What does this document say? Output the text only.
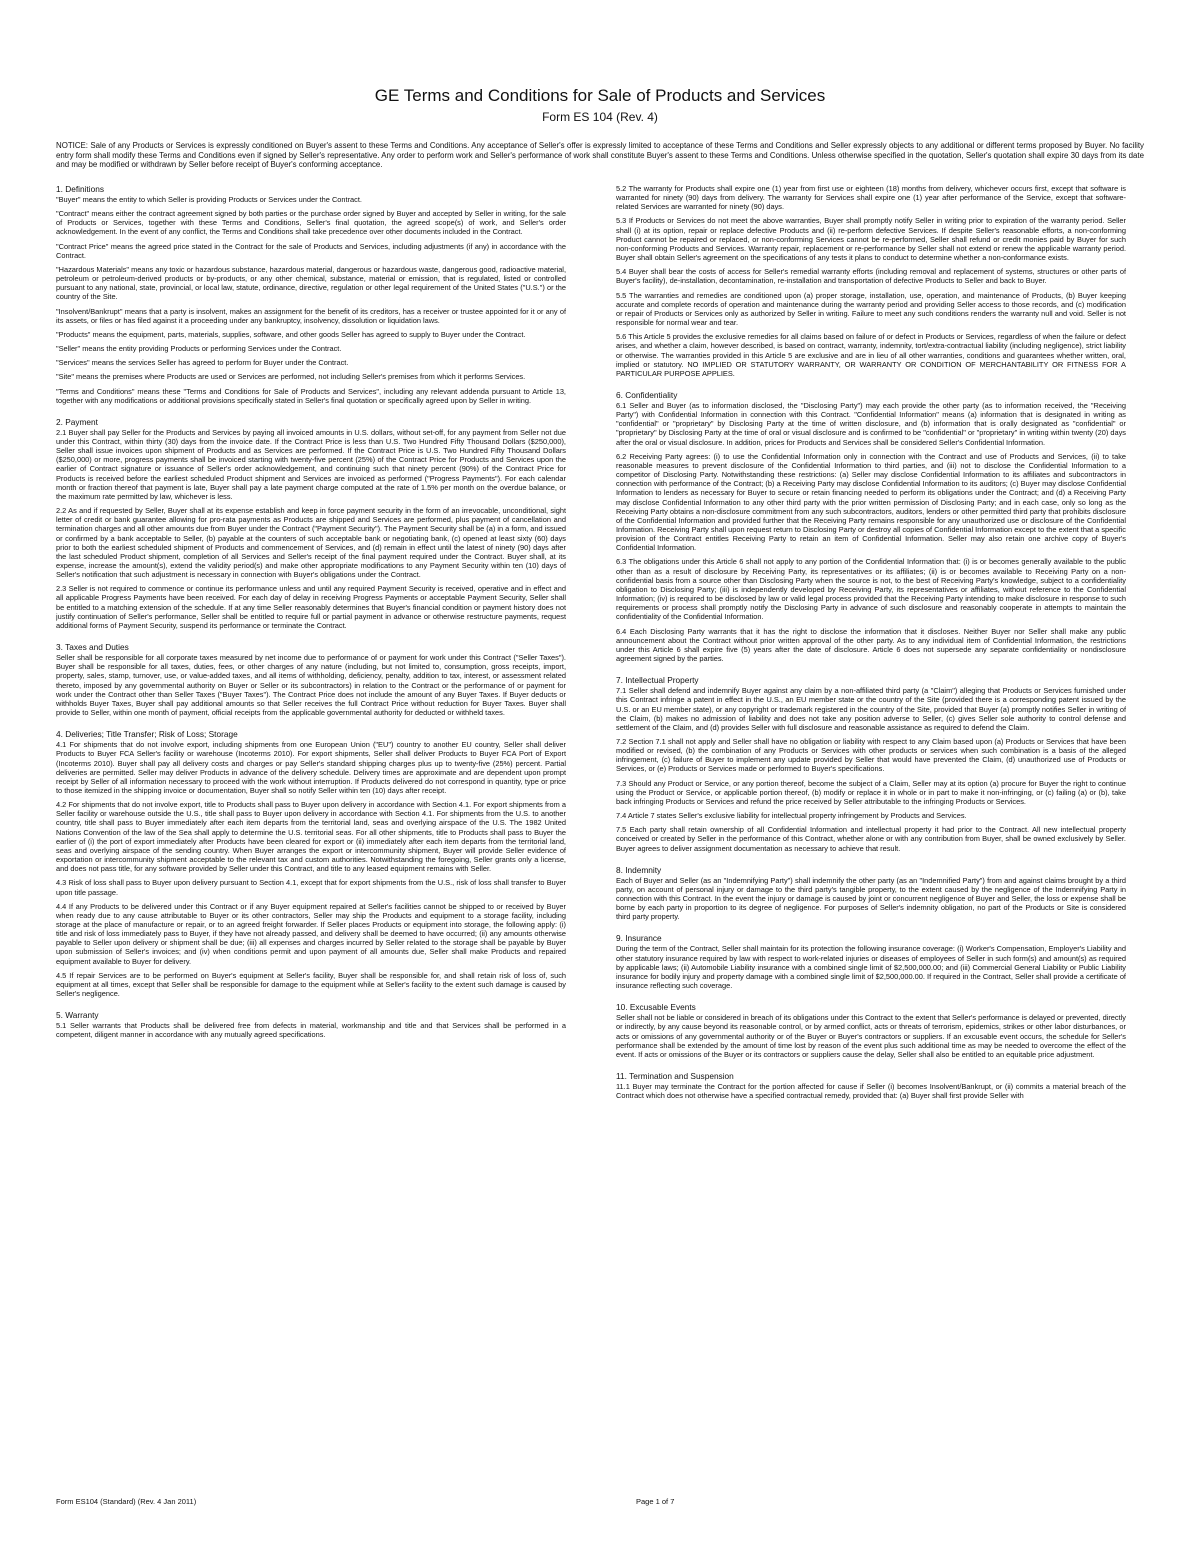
GE Terms and Conditions for Sale of Products and Services
Form ES 104 (Rev. 4)
NOTICE: Sale of any Products or Services is expressly conditioned on Buyer's assent to these Terms and Conditions. Any acceptance of Seller's offer is expressly limited to acceptance of these Terms and Conditions and Seller expressly objects to any additional or different terms proposed by Buyer. No facility entry form shall modify these Terms and Conditions even if signed by Seller's representative. Any order to perform work and Seller's performance of work shall constitute Buyer's assent to these Terms and Conditions. Unless otherwise specified in the quotation, Seller's quotation shall expire 30 days from its date and may be modified or withdrawn by Seller before receipt of Buyer's conforming acceptance.
1. Definitions
"Buyer" means the entity to which Seller is providing Products or Services under the Contract.
"Contract" means either the contract agreement signed by both parties or the purchase order signed by Buyer and accepted by Seller in writing, for the sale of Products or Services, together with these Terms and Conditions, Seller's final quotation, the agreed scope(s) of work, and Seller's order acknowledgement. In the event of any conflict, the Terms and Conditions shall take precedence over other documents included in the Contract.
"Contract Price" means the agreed price stated in the Contract for the sale of Products and Services, including adjustments (if any) in accordance with the Contract.
"Hazardous Materials" means any toxic or hazardous substance, hazardous material, dangerous or hazardous waste, dangerous good, radioactive material, petroleum or petroleum-derived products or by-products, or any other chemical, substance, material or emission, that is regulated, listed or controlled pursuant to any national, state, provincial, or local law, statute, ordinance, directive, regulation or other legal requirement of the United States ("U.S.") or the country of the Site.
"Insolvent/Bankrupt" means that a party is insolvent, makes an assignment for the benefit of its creditors, has a receiver or trustee appointed for it or any of its assets, or files or has filed against it a proceeding under any bankruptcy, insolvency, dissolution or liquidation laws.
"Products" means the equipment, parts, materials, supplies, software, and other goods Seller has agreed to supply to Buyer under the Contract.
"Seller" means the entity providing Products or performing Services under the Contract.
"Services" means the services Seller has agreed to perform for Buyer under the Contract.
"Site" means the premises where Products are used or Services are performed, not including Seller's premises from which it performs Services.
"Terms and Conditions" means these "Terms and Conditions for Sale of Products and Services", including any relevant addenda pursuant to Article 13, together with any modifications or additional provisions specifically stated in Seller's final quotation or specifically agreed upon by Seller in writing.
2. Payment
2.1 Buyer shall pay Seller for the Products and Services by paying all invoiced amounts in U.S. dollars, without set-off, for any payment from Seller not due under this Contract, within thirty (30) days from the invoice date. If the Contract Price is less than U.S. Two Hundred Fifty Thousand Dollars ($250,000), Seller shall issue invoices upon shipment of Products and as Services are performed. If the Contract Price is U.S. Two Hundred Fifty Thousand Dollars ($250,000) or more, progress payments shall be invoiced starting with twenty-five percent (25%) of the Contract Price for Products and Services upon the earlier of Contract signature or issuance of Seller's order acknowledgement, and continuing such that ninety percent (90%) of the Contract Price for Products is received before the earliest scheduled Product shipment and Services are invoiced as performed ("Progress Payments"). For each calendar month or fraction thereof that payment is late, Buyer shall pay a late payment charge computed at the rate of 1.5% per month on the overdue balance, or the maximum rate permitted by law, whichever is less.
2.2 As and if requested by Seller, Buyer shall at its expense establish and keep in force payment security in the form of an irrevocable, unconditional, sight letter of credit or bank guarantee allowing for pro-rata payments as Products are shipped and Services are performed, plus payment of cancellation and termination charges and all other amounts due from Buyer under the Contract ("Payment Security"). The Payment Security shall be (a) in a form, and issued or confirmed by a bank acceptable to Seller, (b) payable at the counters of such acceptable bank or negotiating bank, (c) opened at least sixty (60) days prior to both the earliest scheduled shipment of Products and commencement of Services, and (d) remain in effect until the latest of ninety (90) days after the last scheduled Product shipment, completion of all Services and Seller's receipt of the final payment required under the Contract. Buyer shall, at its expense, increase the amount(s), extend the validity period(s) and make other appropriate modifications to any Payment Security within ten (10) days of Seller's notification that such adjustment is necessary in connection with Buyer's obligations under the Contract.
2.3 Seller is not required to commence or continue its performance unless and until any required Payment Security is received, operative and in effect and all applicable Progress Payments have been received. For each day of delay in receiving Progress Payments or acceptable Payment Security, Seller shall be entitled to a matching extension of the schedule. If at any time Seller reasonably determines that Buyer's financial condition or payment history does not justify continuation of Seller's performance, Seller shall be entitled to require full or partial payment in advance or otherwise restructure payments, request additional forms of Payment Security, suspend its performance or terminate the Contract.
3. Taxes and Duties
Seller shall be responsible for all corporate taxes measured by net income due to performance of or payment for work under this Contract ("Seller Taxes"). Buyer shall be responsible for all taxes, duties, fees, or other charges of any nature (including, but not limited to, consumption, gross receipts, import, property, sales, stamp, turnover, use, or value-added taxes, and all items of withholding, deficiency, penalty, addition to tax, interest, or assessment related thereto, imposed by any governmental authority on Buyer or Seller or its subcontractors) in relation to the Contract or the performance of or payment for work under the Contract other than Seller Taxes ("Buyer Taxes"). The Contract Price does not include the amount of any Buyer Taxes. If Buyer deducts or withholds Buyer Taxes, Buyer shall pay additional amounts so that Seller receives the full Contract Price without reduction for Buyer Taxes. Buyer shall provide to Seller, within one month of payment, official receipts from the applicable governmental authority for deducted or withheld taxes.
4. Deliveries; Title Transfer; Risk of Loss; Storage
4.1 For shipments that do not involve export, including shipments from one European Union ("EU") country to another EU country, Seller shall deliver Products to Buyer FCA Seller's facility or warehouse (Incoterms 2010). For export shipments, Seller shall deliver Products to Buyer FCA Port of Export (Incoterms 2010). Buyer shall pay all delivery costs and charges or pay Seller's standard shipping charges plus up to twenty-five (25%) percent. Partial deliveries are permitted. Seller may deliver Products in advance of the delivery schedule. Delivery times are approximate and are dependent upon prompt receipt by Seller of all information necessary to proceed with the work without interruption. If Products delivered do not correspond in quantity, type or price to those itemized in the shipping invoice or documentation, Buyer shall so notify Seller within ten (10) days after receipt.
4.2 For shipments that do not involve export, title to Products shall pass to Buyer upon delivery in accordance with Section 4.1. For export shipments from a Seller facility or warehouse outside the U.S., title shall pass to Buyer upon delivery in accordance with Section 4.1. For shipments from the U.S. to another country, title shall pass to Buyer immediately after each item departs from the territorial land, seas and overlying airspace of the U.S. The 1982 United Nations Convention of the law of the Sea shall apply to determine the U.S. territorial seas. For all other shipments, title to Products shall pass to Buyer the earlier of (i) the port of export immediately after Products have been cleared for export or (ii) immediately after each item departs from the territorial land, seas and overlying airspace of the sending country. When Buyer arranges the export or intercommunity shipment, Buyer will provide Seller evidence of exportation or intercommunity shipment acceptable to the relevant tax and custom authorities. Notwithstanding the foregoing, Seller grants only a license, and does not pass title, for any software provided by Seller under this Contract, and title to any leased equipment remains with Seller.
4.3 Risk of loss shall pass to Buyer upon delivery pursuant to Section 4.1, except that for export shipments from the U.S., risk of loss shall transfer to Buyer upon title passage.
4.4 If any Products to be delivered under this Contract or if any Buyer equipment repaired at Seller's facilities cannot be shipped to or received by Buyer when ready due to any cause attributable to Buyer or its other contractors, Seller may ship the Products and equipment to a storage facility, including storage at the place of manufacture or repair, or to an agreed freight forwarder. If Seller places Products or equipment into storage, the following apply: (i) title and risk of loss immediately pass to Buyer, if they have not already passed, and delivery shall be deemed to have occurred; (ii) any amounts otherwise payable to Seller upon delivery or shipment shall be due; (iii) all expenses and charges incurred by Seller related to the storage shall be payable by Buyer upon submission of Seller's invoices; and (iv) when conditions permit and upon payment of all amounts due, Seller shall make Products and repaired equipment available to Buyer for delivery.
4.5 If repair Services are to be performed on Buyer's equipment at Seller's facility, Buyer shall be responsible for, and shall retain risk of loss of, such equipment at all times, except that Seller shall be responsible for damage to the equipment while at Seller's facility to the extent such damage is caused by Seller's negligence.
5. Warranty
5.1 Seller warrants that Products shall be delivered free from defects in material, workmanship and title and that Services shall be performed in a competent, diligent manner in accordance with any mutually agreed specifications.
5.2 The warranty for Products shall expire one (1) year from first use or eighteen (18) months from delivery, whichever occurs first, except that software is warranted for ninety (90) days from delivery. The warranty for Services shall expire one (1) year after performance of the Service, except that software-related Services are warranted for ninety (90) days.
5.3 If Products or Services do not meet the above warranties, Buyer shall promptly notify Seller in writing prior to expiration of the warranty period. Seller shall (i) at its option, repair or replace defective Products and (ii) re-perform defective Services. If despite Seller's reasonable efforts, a non-conforming Product cannot be repaired or replaced, or non-conforming Services cannot be re-performed, Seller shall refund or credit monies paid by Buyer for such non-conforming Products and Services. Warranty repair, replacement or re-performance by Seller shall not extend or renew the applicable warranty period. Buyer shall obtain Seller's agreement on the specifications of any tests it plans to conduct to determine whether a non-conformance exists.
5.4 Buyer shall bear the costs of access for Seller's remedial warranty efforts (including removal and replacement of systems, structures or other parts of Buyer's facility), de-installation, decontamination, re-installation and transportation of defective Products to Seller and back to Buyer.
5.5 The warranties and remedies are conditioned upon (a) proper storage, installation, use, operation, and maintenance of Products, (b) Buyer keeping accurate and complete records of operation and maintenance during the warranty period and providing Seller access to those records, and (c) modification or repair of Products or Services only as authorized by Seller in writing. Failure to meet any such conditions renders the warranty null and void. Seller is not responsible for normal wear and tear.
5.6 This Article 5 provides the exclusive remedies for all claims based on failure of or defect in Products or Services, regardless of when the failure or defect arises, and whether a claim, however described, is based on contract, warranty, indemnity, tort/extra-contractual liability (including negligence), strict liability or otherwise. The warranties provided in this Article 5 are exclusive and are in lieu of all other warranties, conditions and guarantees whether written, oral, implied or statutory. NO IMPLIED OR STATUTORY WARRANTY, OR WARRANTY OR CONDITION OF MERCHANTABILITY OR FITNESS FOR A PARTICULAR PURPOSE APPLIES.
6. Confidentiality
6.1 Seller and Buyer (as to information disclosed, the "Disclosing Party") may each provide the other party (as to information received, the "Receiving Party") with Confidential Information in connection with this Contract. "Confidential Information" means (a) information that is designated in writing as "confidential" or "proprietary" by Disclosing Party at the time of written disclosure, and (b) information that is orally designated as "confidential" or "proprietary" by Disclosing Party at the time of oral or visual disclosure and is confirmed to be "confidential" or "proprietary" in writing within twenty (20) days after the oral or visual disclosure. In addition, prices for Products and Services shall be considered Seller's Confidential Information.
6.2 Receiving Party agrees: (i) to use the Confidential Information only in connection with the Contract and use of Products and Services, (ii) to take reasonable measures to prevent disclosure of the Confidential Information to third parties, and (iii) not to disclose the Confidential Information to a competitor of Disclosing Party. Notwithstanding these restrictions: (a) Seller may disclose Confidential Information to its affiliates and subcontractors in connection with performance of the Contract; (b) a Receiving Party may disclose Confidential Information to its auditors; (c) Buyer may disclose Confidential Information to lenders as necessary for Buyer to secure or retain financing needed to perform its obligations under the Contract; and (d) a Receiving Party may disclose Confidential Information to any other third party with the prior written permission of Disclosing Party; and in each case, only so long as the Receiving Party obtains a non-disclosure commitment from any such subcontractors, auditors, lenders or other permitted third party that prohibits disclosure of the Confidential Information and provided further that the Receiving Party remains responsible for any unauthorized use or disclosure of the Confidential Information. Receiving Party shall upon request return to Disclosing Party or destroy all copies of Confidential Information except to the extent that a specific provision of the Contract entitles Receiving Party to retain an item of Confidential Information. Seller may also retain one archive copy of Buyer's Confidential Information.
6.3 The obligations under this Article 6 shall not apply to any portion of the Confidential Information that: (i) is or becomes generally available to the public other than as a result of disclosure by Receiving Party, its representatives or its affiliates; (ii) is or becomes available to Receiving Party on a non-confidential basis from a source other than Disclosing Party when the source is not, to the best of Receiving Party's knowledge, subject to a confidentiality obligation to Disclosing Party; (iii) is independently developed by Receiving Party, its representatives or affiliates, without reference to the Confidential Information; (iv) is required to be disclosed by law or valid legal process provided that the Receiving Party intending to make disclosure in response to such requirements or process shall promptly notify the Disclosing Party in advance of such disclosure and reasonably cooperate in attempts to maintain the confidentiality of the Confidential Information.
6.4 Each Disclosing Party warrants that it has the right to disclose the information that it discloses. Neither Buyer nor Seller shall make any public announcement about the Contract without prior written approval of the other party. As to any individual item of Confidential Information, the restrictions under this Article 6 shall expire five (5) years after the date of disclosure. Article 6 does not supersede any separate confidentiality or nondisclosure agreement signed by the parties.
7. Intellectual Property
7.1 Seller shall defend and indemnify Buyer against any claim by a non-affiliated third party (a "Claim") alleging that Products or Services furnished under this Contract infringe a patent in effect in the U.S., an EU member state or the country of the Site (provided there is a corresponding patent issued by the U.S. or an EU member state), or any copyright or trademark registered in the country of the Site, provided that Buyer (a) promptly notifies Seller in writing of the Claim, (b) makes no admission of liability and does not take any position adverse to Seller, (c) gives Seller sole authority to control defense and settlement of the Claim, and (d) provides Seller with full disclosure and reasonable assistance as required to defend the Claim.
7.2 Section 7.1 shall not apply and Seller shall have no obligation or liability with respect to any Claim based upon (a) Products or Services that have been modified or revised, (b) the combination of any Products or Services with other products or services when such combination is a basis of the alleged infringement, (c) failure of Buyer to implement any update provided by Seller that would have prevented the Claim, (d) unauthorized use of Products or Services, or (e) Products or Services made or performed to Buyer's specifications.
7.3 Should any Product or Service, or any portion thereof, become the subject of a Claim, Seller may at its option (a) procure for Buyer the right to continue using the Product or Service, or applicable portion thereof, (b) modify or replace it in whole or in part to make it non-infringing, or (c) failing (a) or (b), take back infringing Products or Services and refund the price received by Seller attributable to the infringing Products or Services.
7.4 Article 7 states Seller's exclusive liability for intellectual property infringement by Products and Services.
7.5 Each party shall retain ownership of all Confidential Information and intellectual property it had prior to the Contract. All new intellectual property conceived or created by Seller in the performance of this Contract, whether alone or with any contribution from Buyer, shall be owned exclusively by Seller. Buyer agrees to deliver assignment documentation as necessary to achieve that result.
8. Indemnity
Each of Buyer and Seller (as an "Indemnifying Party") shall indemnify the other party (as an "Indemnified Party") from and against claims brought by a third party, on account of personal injury or damage to the third party's tangible property, to the extent caused by the negligence of the Indemnifying Party in connection with this Contract. In the event the injury or damage is caused by joint or concurrent negligence of Buyer and Seller, the loss or expense shall be borne by each party in proportion to its degree of negligence. For purposes of Seller's indemnity obligation, no part of the Products or Site is considered third party property.
9. Insurance
During the term of the Contract, Seller shall maintain for its protection the following insurance coverage: (i) Worker's Compensation, Employer's Liability and other statutory insurance required by law with respect to work-related injuries or diseases of employees of Seller in such form(s) and amount(s) as required by applicable laws; (ii) Automobile Liability insurance with a combined single limit of $2,500,000.00; and (iii) Commercial General Liability or Public Liability insurance for bodily injury and property damage with a combined single limit of $2,500,000.00. If required in the Contract, Seller shall provide a certificate of insurance reflecting such coverage.
10. Excusable Events
Seller shall not be liable or considered in breach of its obligations under this Contract to the extent that Seller's performance is delayed or prevented, directly or indirectly, by any cause beyond its reasonable control, or by armed conflict, acts or threats of terrorism, epidemics, strikes or other labor disturbances, or acts or omissions of any governmental authority or of the Buyer or Buyer's contractors or suppliers. If an excusable event occurs, the schedule for Seller's performance shall be extended by the amount of time lost by reason of the event plus such additional time as may be needed to overcome the effect of the event. If acts or omissions of the Buyer or its contractors or suppliers cause the delay, Seller shall also be entitled to an equitable price adjustment.
11. Termination and Suspension
11.1 Buyer may terminate the Contract for the portion affected for cause if Seller (i) becomes Insolvent/Bankrupt, or (ii) commits a material breach of the Contract which does not otherwise have a specified contractual remedy, provided that: (a) Buyer shall first provide Seller with
Form ES104 (Standard) (Rev. 4 Jan 2011)	Page 1 of 7
